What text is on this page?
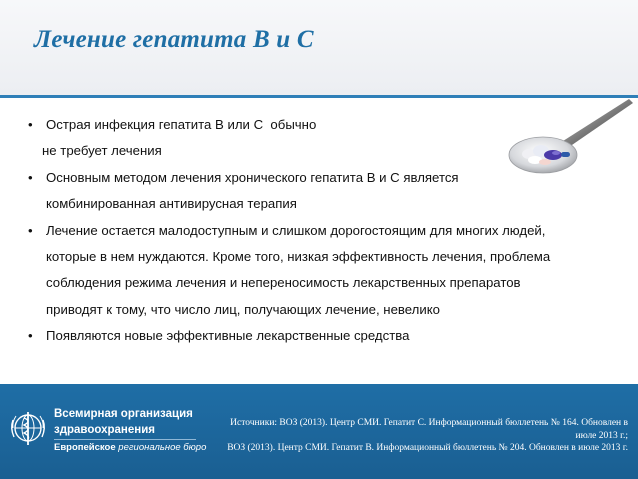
Лечение гепатита В и С
• Острая инфекция гепатита В или С  обычно
не требует лечения
• Основным методом лечения хронического гепатита В и С является
комбинированная антивирусная терапия
• Лечение остается малодоступным и слишком дорогостоящим для многих людей,
которые в нем нуждаются. Кроме того, низкая эффективность лечения, проблема
соблюдения режима лечения и непереносимость лекарственных препаратов
приводят к тому, что число лиц, получающих лечение, невелико
• Появляются новые эффективные лекарственные средства
Всемирная организация
здравоохранения
Европейское региональное бюро
Источники: ВОЗ (2013). Центр СМИ. Гепатит С. Информационный бюллетень № 164. Обновлен в
июле 2013 г.;
ВОЗ (2013). Центр СМИ. Гепатит В. Информационный бюллетень № 204. Обновлен в июле 2013 г.
